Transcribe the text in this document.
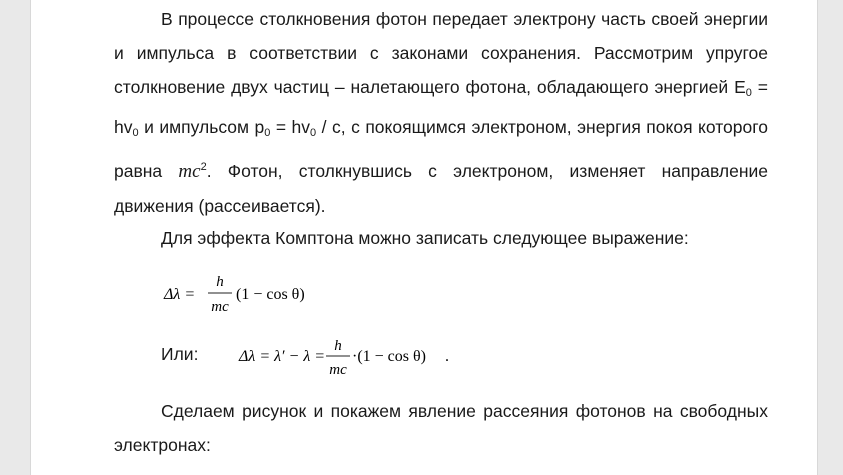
В процессе столкновения фотон передает электрону часть своей энергии и импульса в соответствии с законами сохранения. Рассмотрим упругое столкновение двух частиц – налетающего фотона, обладающего энергией $E_0 = hv_0$ и импульсом $p_0 = hv_0 / c$, с покоящимся электроном, энергия покоя которого равна $mc^2$. Фотон, столкнувшись с электроном, изменяет направление движения (рассеивается).

Для эффекта Комптона можно записать следующее выражение:

Δλ =
h
mc
(1 − cos θ)

Или:	Δλ = λ′ − λ =
h
mc
·(1 − cos θ) .

Сделаем рисунок и покажем явление рассеяния фотонов на свободных электронах:
